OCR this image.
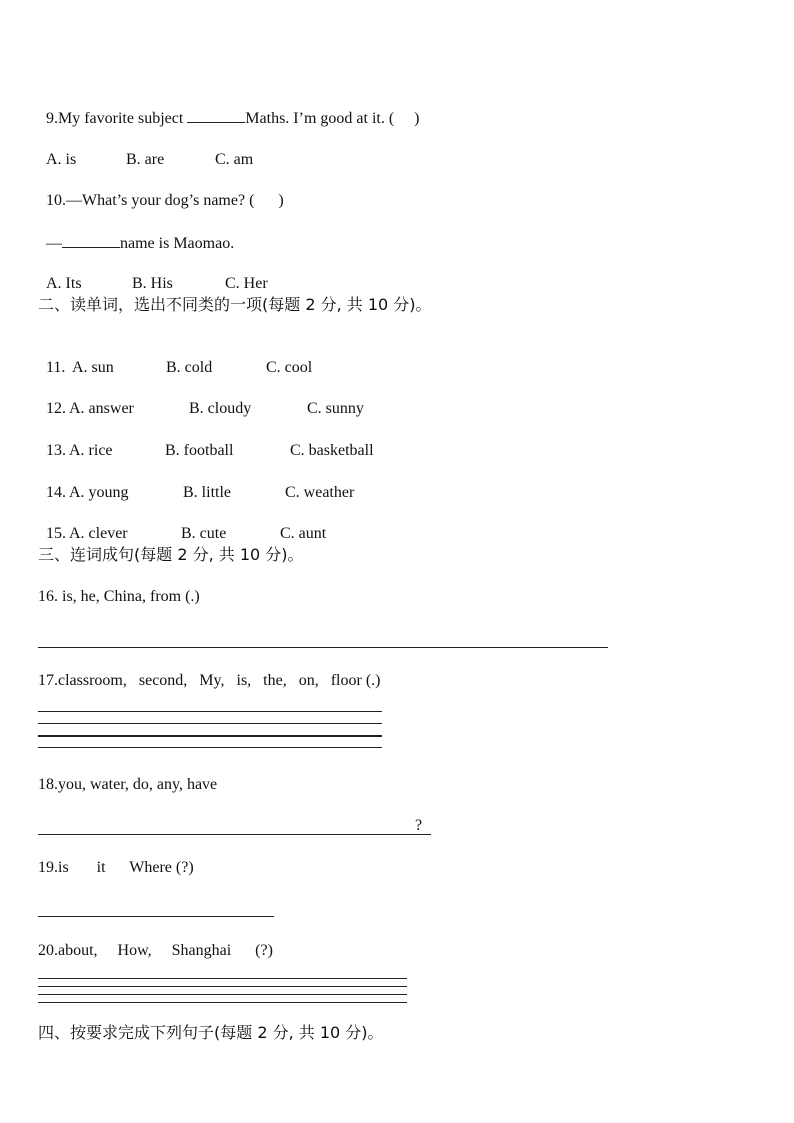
9.My favorite subject	Maths. I’m good at it. (     )

A. is	B. are	C. am

10.—What’s your dog’s name? (      )

—	name is Maomao.

A. Its	B. His	C. Her

二、读单词，选出不同类的一项(每题 2 分, 共 10 分)。

11. A. sun	B. cold	C. cool

12. A. answer	B. cloudy	C. sunny

13. A. rice	B. football	C. basketball

14. A. young	B. little	C. weather

15. A. clever	B. cute	C. aunt

三、连词成句(每题 2 分, 共 10 分)。
16. is, he, China, from (.)
17.classroom,   second,   My,   is,   the,   on,   floor (.)
18.you, water, do, any, have
?
19.is       it      Where (?)
20.about,     How,     Shanghai      (?)
四、按要求完成下列句子(每题 2 分, 共 10 分)。
